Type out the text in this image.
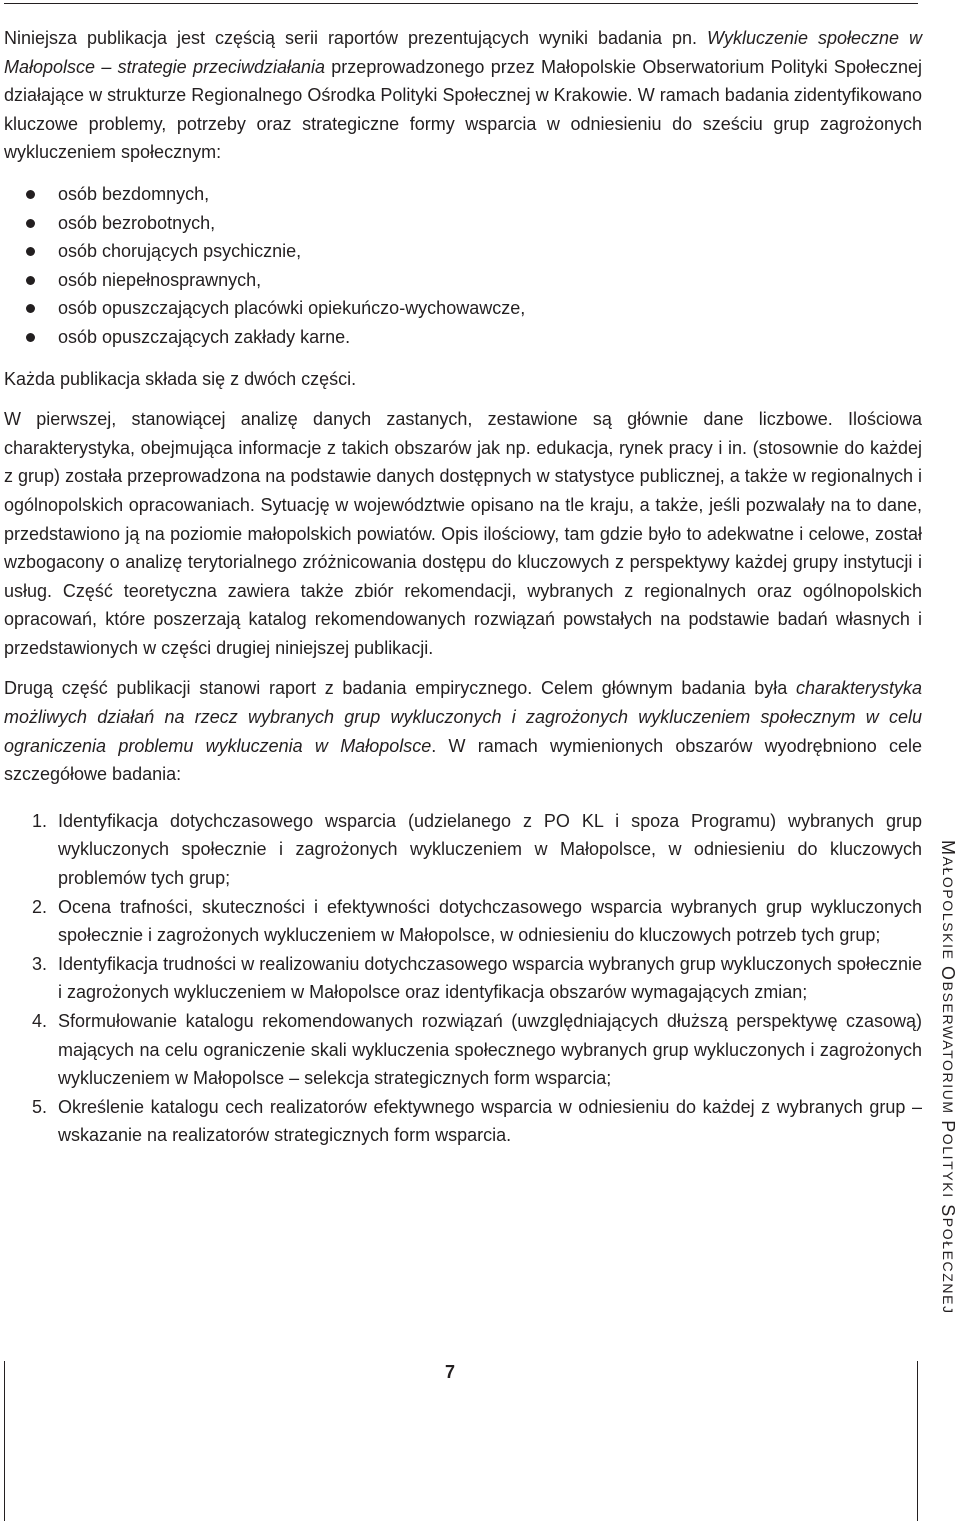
Niniejsza publikacja jest częścią serii raportów prezentujących wyniki badania pn. Wykluczenie społeczne w Małopolsce – strategie przeciwdziałania przeprowadzonego przez Małopolskie Obserwatorium Polityki Społecznej działające w strukturze Regionalnego Ośrodka Polityki Społecznej w Krakowie. W ramach badania zidentyfikowano kluczowe problemy, potrzeby oraz strategiczne formy wsparcia w odniesieniu do sześciu grup zagrożonych wykluczeniem społecznym:

osób bezdomnych,
osób bezrobotnych,
osób chorujących psychicznie,
osób niepełnosprawnych,
osób opuszczających placówki opiekuńczo-wychowawcze,
osób opuszczających zakłady karne.

Każda publikacja składa się z dwóch części.

W pierwszej, stanowiącej analizę danych zastanych, zestawione są głównie dane liczbowe. Ilościowa charakterystyka, obejmująca informacje z takich obszarów jak np. edukacja, rynek pracy i in. (stosownie do każdej z grup) została przeprowadzona na podstawie danych dostępnych w statystyce publicznej, a także w regionalnych i ogólnopolskich opracowaniach. Sytuację w województwie opisano na tle kraju, a także, jeśli pozwalały na to dane, przedstawiono ją na poziomie małopolskich powiatów. Opis ilościowy, tam gdzie było to adekwatne i celowe, został wzbogacony o analizę terytorialnego zróżnicowania dostępu do kluczowych z perspektywy każdej grupy instytucji i usług. Część teoretyczna zawiera także zbiór rekomendacji, wybranych z regionalnych oraz ogólnopolskich opracowań, które poszerzają katalog rekomendowanych rozwiązań powstałych na podstawie badań własnych i przedstawionych w części drugiej niniejszej publikacji.

Drugą część publikacji stanowi raport z badania empirycznego. Celem głównym badania była charakterystyka możliwych działań na rzecz wybranych grup wykluczonych i zagrożonych wykluczeniem społecznym w celu ograniczenia problemu wykluczenia w Małopolsce. W ramach wymienionych obszarów wyodrębniono cele szczegółowe badania:

1. Identyfikacja dotychczasowego wsparcia (udzielanego z PO KL i spoza Programu) wybranych grup wykluczonych społecznie i zagrożonych wykluczeniem w Małopolsce, w odniesieniu do kluczowych problemów tych grup;
2. Ocena trafności, skuteczności i efektywności dotychczasowego wsparcia wybranych grup wykluczonych społecznie i zagrożonych wykluczeniem w Małopolsce, w odniesieniu do kluczowych potrzeb tych grup;
3. Identyfikacja trudności w realizowaniu dotychczasowego wsparcia wybranych grup wykluczonych społecznie i zagrożonych wykluczeniem w Małopolsce oraz identyfikacja obszarów wymagających zmian;
4. Sformułowanie katalogu rekomendowanych rozwiązań (uwzględniających dłuższą perspektywę czasową) mających na celu ograniczenie skali wykluczenia społecznego wybranych grup wykluczonych i zagrożonych wykluczeniem w Małopolsce – selekcja strategicznych form wsparcia;
5. Określenie katalogu cech realizatorów efektywnego wsparcia w odniesieniu do każdej z wybranych grup – wskazanie na realizatorów strategicznych form wsparcia.
7
MAŁOPOLSKIE OBSERWATORIUM POLITYKI SPOŁECZNEJ
